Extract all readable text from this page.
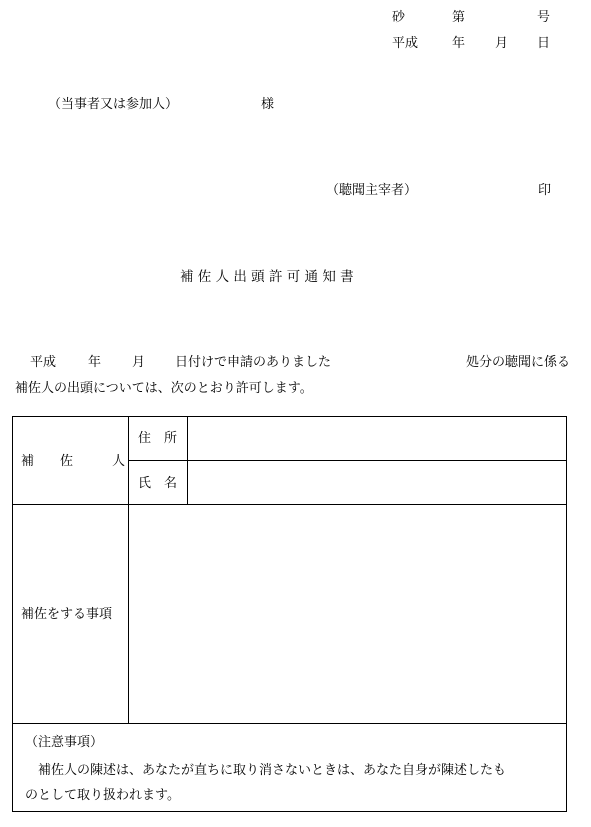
砂	第	号
平成	年 月 日
（当事者又は参加人）	様
（聴聞主宰者）	印
補 佐 人 出 頭 許 可 通 知 書
平成 年 月 日付けで申請のありました	処分の聴聞に係る
補佐人の出頭については、次のとおり許可します。
補　　佐　　　人
住　所
氏　名
補佐をする事項
（注意事項）
　補佐人の陳述は、あなたが直ちに取り消さないときは、あなた自身が陳述したも
のとして取り扱われます。
